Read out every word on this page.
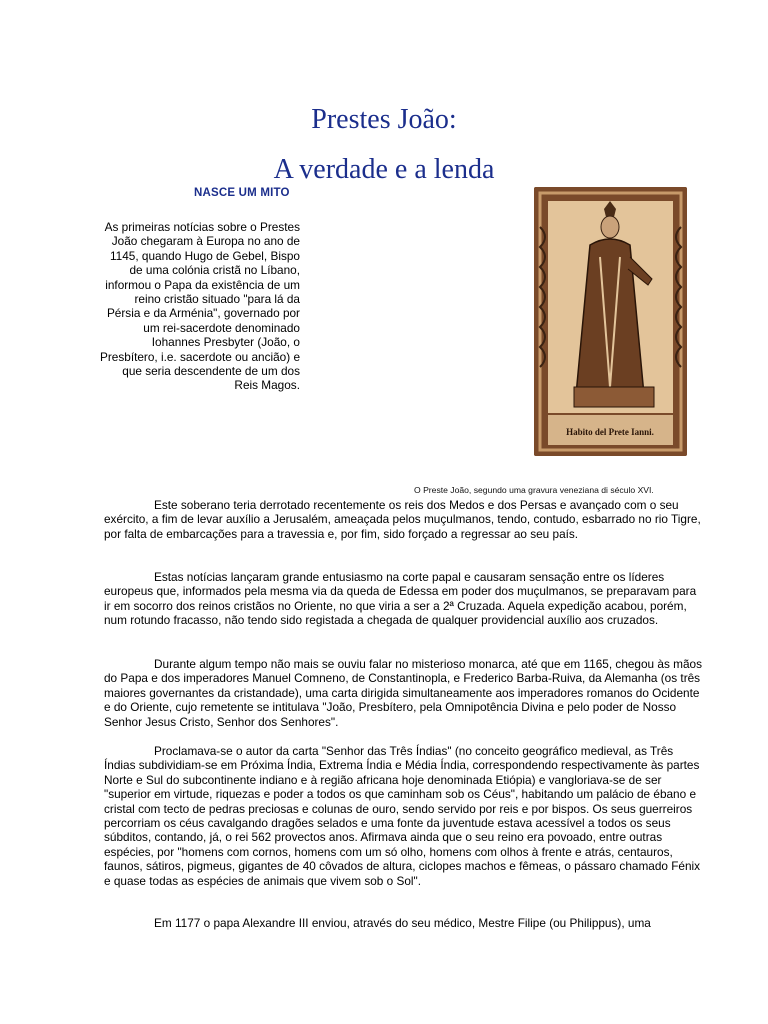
Prestes João:
A verdade e a lenda
NASCE UM MITO
As primeiras notícias sobre o Prestes João chegaram à Europa no ano de 1145, quando Hugo de Gebel, Bispo de uma colónia cristã no Líbano, informou o Papa da existência de um reino cristão situado "para lá da Pérsia e da Arménia", governado por um rei-sacerdote denominado Iohannes Presbyter (João, o Presbítero, i.e. sacerdote ou ancião) e que seria descendente de um dos Reis Magos.
Habito del Prete Ianni.
O Preste João, segundo uma gravura veneziana di século XVI.

Este soberano teria derrotado recentemente os reis dos Medos e dos Persas e avançado com o seu exército, a fim de levar auxílio a Jerusalém, ameaçada pelos muçulmanos, tendo, contudo, esbarrado no rio Tigre, por falta de embarcações para a travessia e, por fim, sido forçado a regressar ao seu país.

Estas notícias lançaram grande entusiasmo na corte papal e causaram sensação entre os líderes europeus que, informados pela mesma via da queda de Edessa em poder dos muçulmanos, se preparavam para ir em socorro dos reinos cristãos no Oriente, no que viria a ser a 2ª Cruzada. Aquela expedição acabou, porém, num rotundo fracasso, não tendo sido registada a chegada de qualquer providencial auxílio aos cruzados.

Durante algum tempo não mais se ouviu falar no misterioso monarca, até que em 1165, chegou às mãos do Papa e dos imperadores Manuel Comneno, de Constantinopla, e Frederico Barba-Ruiva, da Alemanha (os três maiores governantes da cristandade), uma carta dirigida simultaneamente aos imperadores romanos do Ocidente e do Oriente, cujo remetente se intitulava "João, Presbítero, pela Omnipotência Divina e pelo poder de Nosso Senhor Jesus Cristo, Senhor dos Senhores".

Proclamava-se o autor da carta "Senhor das Três Índias" (no conceito geográfico medieval, as Três Índias subdividiam-se em Próxima Índia, Extrema Índia e Média Índia, correspondendo respectivamente às partes Norte e Sul do subcontinente indiano e à região africana hoje denominada Etiópia) e vangloriava-se de ser "superior em virtude, riquezas e poder a todos os que caminham sob os Céus", habitando um palácio de ébano e cristal com tecto de pedras preciosas e colunas de ouro, sendo servido por reis e por bispos. Os seus guerreiros percorriam os céus cavalgando dragões selados e uma fonte da juventude estava acessível a todos os seus súbditos, contando, já, o rei 562 provectos anos. Afirmava ainda que o seu reino era povoado, entre outras espécies, por "homens com cornos, homens com um só olho, homens com olhos à frente e atrás, centauros, faunos, sátiros, pigmeus, gigantes de 40 côvados de altura, ciclopes machos e fêmeas, o pássaro chamado Fénix e quase todas as espécies de animais que vivem sob o Sol".

Em 1177 o papa Alexandre III enviou, através do seu médico, Mestre Filipe (ou Philippus), uma
